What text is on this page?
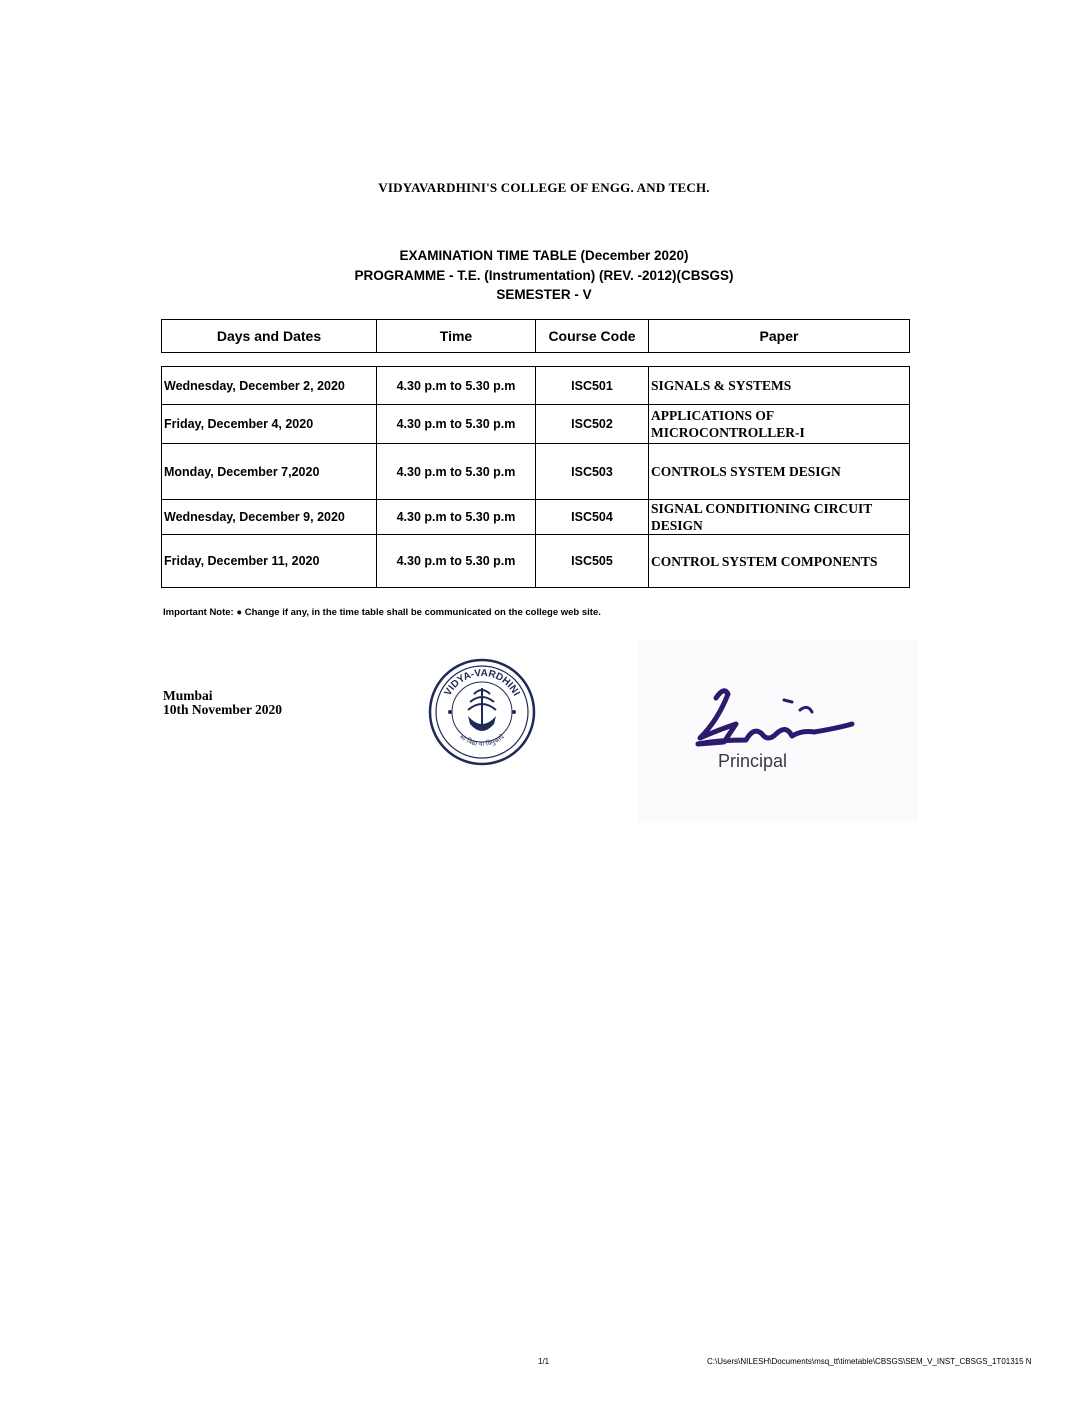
VIDYAVARDHINI'S COLLEGE OF ENGG. AND TECH.
EXAMINATION TIME TABLE (December 2020)
PROGRAMME - T.E. (Instrumentation) (REV. -2012)(CBSGS)
SEMESTER - V
Days and Dates	Time	Course Code	Paper
Wednesday, December 2, 2020	4.30 p.m to 5.30 p.m	ISC501	SIGNALS & SYSTEMS
Friday, December 4, 2020	4.30 p.m to 5.30 p.m	ISC502	APPLICATIONS OF MICROCONTROLLER-I
Monday, December 7,2020	4.30 p.m to 5.30 p.m	ISC503	CONTROLS SYSTEM DESIGN
Wednesday, December 9, 2020	4.30 p.m to 5.30 p.m	ISC504	SIGNAL CONDITIONING CIRCUIT DESIGN
Friday, December 11, 2020	4.30 p.m to 5.30 p.m	ISC505	CONTROL SYSTEM COMPONENTS
Important Note: ● Change if any, in the time table shall be communicated on the college web site.
Mumbai
10th November 2020
VIDYA-VARDHINI
सा विद्या या विमुक्तये
Principal
1/1	C:\Users\NILESH\Documents\msq_tt\timetable\CBSGS\SEM_V_INST_CBSGS_1T01315 N
